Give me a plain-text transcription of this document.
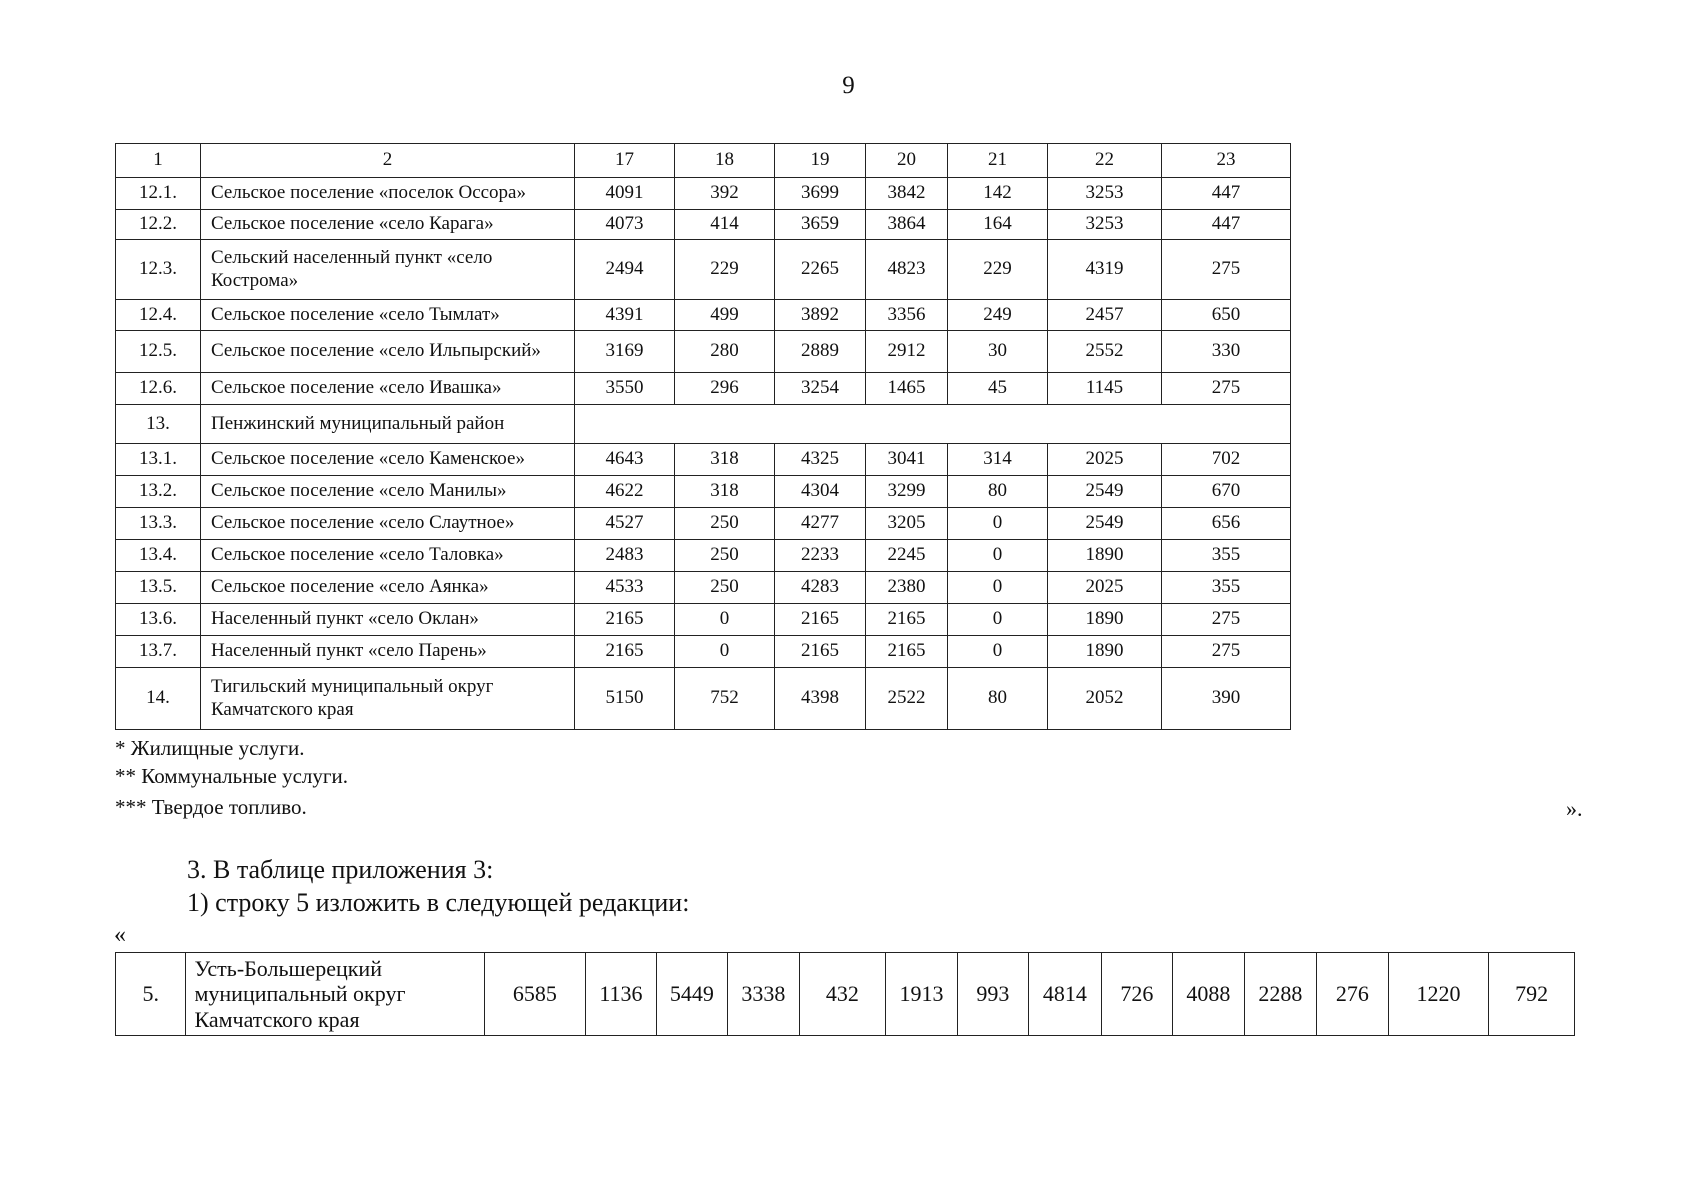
9
1	2	17	18	19	20	21	22	23
12.1.	Сельское поселение «поселок Оссора»	4091	392	3699	3842	142	3253	447
12.2.	Сельское поселение «село Карага»	4073	414	3659	3864	164	3253	447
12.3.	Сельский населенный пункт «село Кострома»	2494	229	2265	4823	229	4319	275
12.4.	Сельское поселение «село Тымлат»	4391	499	3892	3356	249	2457	650
12.5.	Сельское поселение «село Ильпырский»	3169	280	2889	2912	30	2552	330
12.6.	Сельское поселение «село Ивашка»	3550	296	3254	1465	45	1145	275
13.	Пенжинский муниципальный район							
13.1.	Сельское поселение «село Каменское»	4643	318	4325	3041	314	2025	702
13.2.	Сельское поселение «село Манилы»	4622	318	4304	3299	80	2549	670
13.3.	Сельское поселение «село Слаутное»	4527	250	4277	3205	0	2549	656
13.4.	Сельское поселение «село Таловка»	2483	250	2233	2245	0	1890	355
13.5.	Сельское поселение «село Аянка»	4533	250	4283	2380	0	2025	355
13.6.	Населенный пункт «село Оклан»	2165	0	2165	2165	0	1890	275
13.7.	Населенный пункт «село Парень»	2165	0	2165	2165	0	1890	275
14.	Тигильский муниципальный округ Камчатского края	5150	752	4398	2522	80	2052	390
* Жилищные услуги.
** Коммунальные услуги.
*** Твердое топливо.	».
3. В таблице приложения 3:
1) строку 5 изложить в следующей редакции:
«
5.	Усть-Большерецкий муниципальный округ Камчатского края	6585	1136	5449	3338	432	1913	993	4814	726	4088	2288	276	1220	792
